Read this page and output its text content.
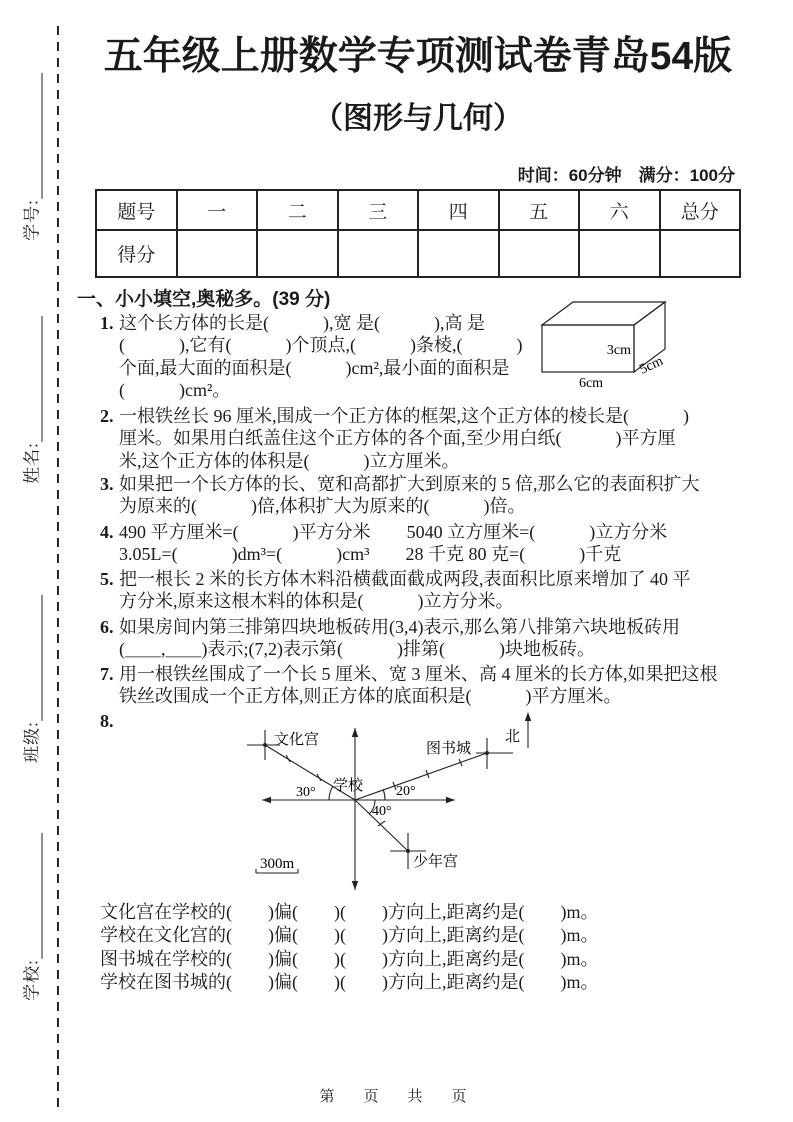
学号:
姓名:
班级:
学校:
五年级上册数学专项测试卷青岛54版
（图形与几何）
时间：60分钟　满分：100分
题号	一	二	三	四	五	六	总分
得分							
一、小小填空,奥秘多。(39 分)
1. 这个长方体的长是(　　　),宽 是(　　　),高 是
(　　　),它有(　　　)个顶点,(　　　)条棱,(　　　)
个面,最大面的面积是(　　　)cm²,最小面的面积是
(　　　)cm²。
3cm
6cm
5cm
2. 一根铁丝长 96 厘米,围成一个正方体的框架,这个正方体的棱长是(　　　)
厘米。如果用白纸盖住这个正方体的各个面,至少用白纸(　　　)平方厘
米,这个正方体的体积是(　　　)立方厘米。
3. 如果把一个长方体的长、宽和高都扩大到原来的 5 倍,那么它的表面积扩大
为原来的(　　　)倍,体积扩大为原来的(　　　)倍。
4. 490 平方厘米=(　　　)平方分米　　5040 立方厘米=(　　　)立方分米
3.05L=(　　　)dm³=(　　　)cm³　　28 千克 80 克=(　　　)千克
5. 把一根长 2 米的长方体木料沿横截面截成两段,表面积比原来增加了 40 平
方分米,原来这根木料的体积是(　　　)立方分米。
6. 如果房间内第三排第四块地板砖用(3,4)表示,那么第八排第六块地板砖用
(＿＿,＿＿)表示;(7,2)表示第(　　　)排第(　　　)块地板砖。
7. 用一根铁丝围成了一个长 5 厘米、宽 3 厘米、高 4 厘米的长方体,如果把这根
铁丝改围成一个正方体,则正方体的底面积是(　　　)平方厘米。
8.
文化宫
图书城
少年宫
学校
北
30°	20°
40°
300m
文化宫在学校的(　　)偏(　　)(　　)方向上,距离约是(　　)m。
学校在文化宫的(　　)偏(　　)(　　)方向上,距离约是(　　)m。
图书城在学校的(　　)偏(　　)(　　)方向上,距离约是(　　)m。
学校在图书城的(　　)偏(　　)(　　)方向上,距离约是(　　)m。
第　页　共　页
